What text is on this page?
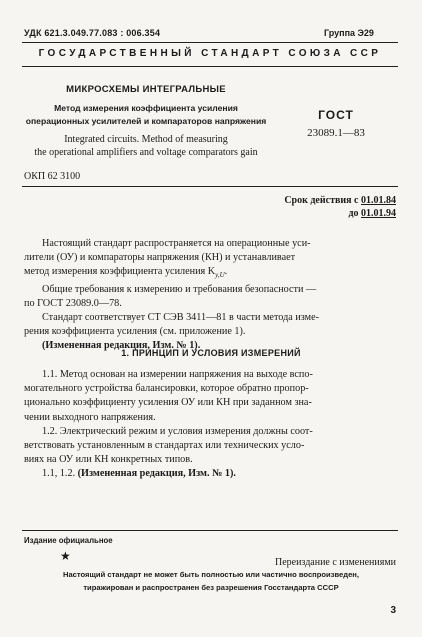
УДК 621.3.049.77.083 : 006.354	Группа Э29
ГОСУДАРСТВЕННЫЙ СТАНДАРТ СОЮЗА ССР
МИКРОСХЕМЫ ИНТЕГРАЛЬНЫЕ
Метод измерения коэффициента усиления
операционных усилителей и компараторов напряжения
Integrated circuits. Method of measuring
the operational amplifiers and voltage comparators gain
ГОСТ
23089.1—83
ОКП 62 3100
Срок действия с 01.01.84
до 01.01.94
Настоящий стандарт распространяется на операционные уси-
лители (ОУ) и компараторы напряжения (КН) и устанавливает
метод измерения коэффициента усиления $K_{y,U}$.
Общие требования к измерению и требования безопасности —
по ГОСТ 23089.0—78.
Стандарт соответствует СТ СЭВ 3411—81 в части метода изме-
рения коэффициента усиления (см. приложение 1).
(Измененная редакция, Изм. № 1).
1. ПРИНЦИП И УСЛОВИЯ ИЗМЕРЕНИЙ
1.1. Метод основан на измерении напряжения на выходе вспо-
могательного устройства балансировки, которое обратно пропор-
ционально коэффициенту усиления ОУ или КН при заданном зна-
чении выходного напряжения.
1.2. Электрический режим и условия измерения должны соот-
ветствовать установленным в стандартах или технических усло-
виях на ОУ или КН конкретных типов.
1.1, 1.2. (Измененная редакция, Изм. № 1).
Издание официальное
★	Переиздание с изменениями
Настоящий стандарт не может быть полностью или частично воспроизведен,
тиражирован и распространен без разрешения Госстандарта СССР
3
